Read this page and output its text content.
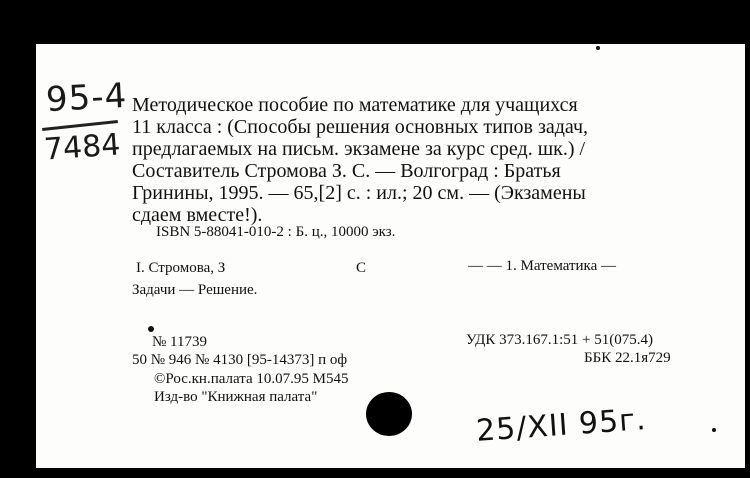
95-4
7484
Методическое пособие по математике для учащихся
11 класса : (Способы решения основных типов задач,
предлагаемых на письм. экзамене за курс сред. шк.) /
Составитель Стромова З. С. — Волгоград : Братья
Гринины, 1995. — 65,[2] с. : ил.; 20 см. — (Экзамены
сдаем вместе!).
ISBN 5-88041-010-2 : Б. ц., 10000 экз.
I. Стромова, З	С	— — 1. Математика —
Задачи — Решение.
№ 11739
50 № 946 № 4130 [95-14373] п оф
©Рос.кн.палата 10.07.95 М545
Изд-во "Книжная палата"
УДК 373.167.1:51 + 51(075.4)
ББК 22.1я729
25/XII 95г.
